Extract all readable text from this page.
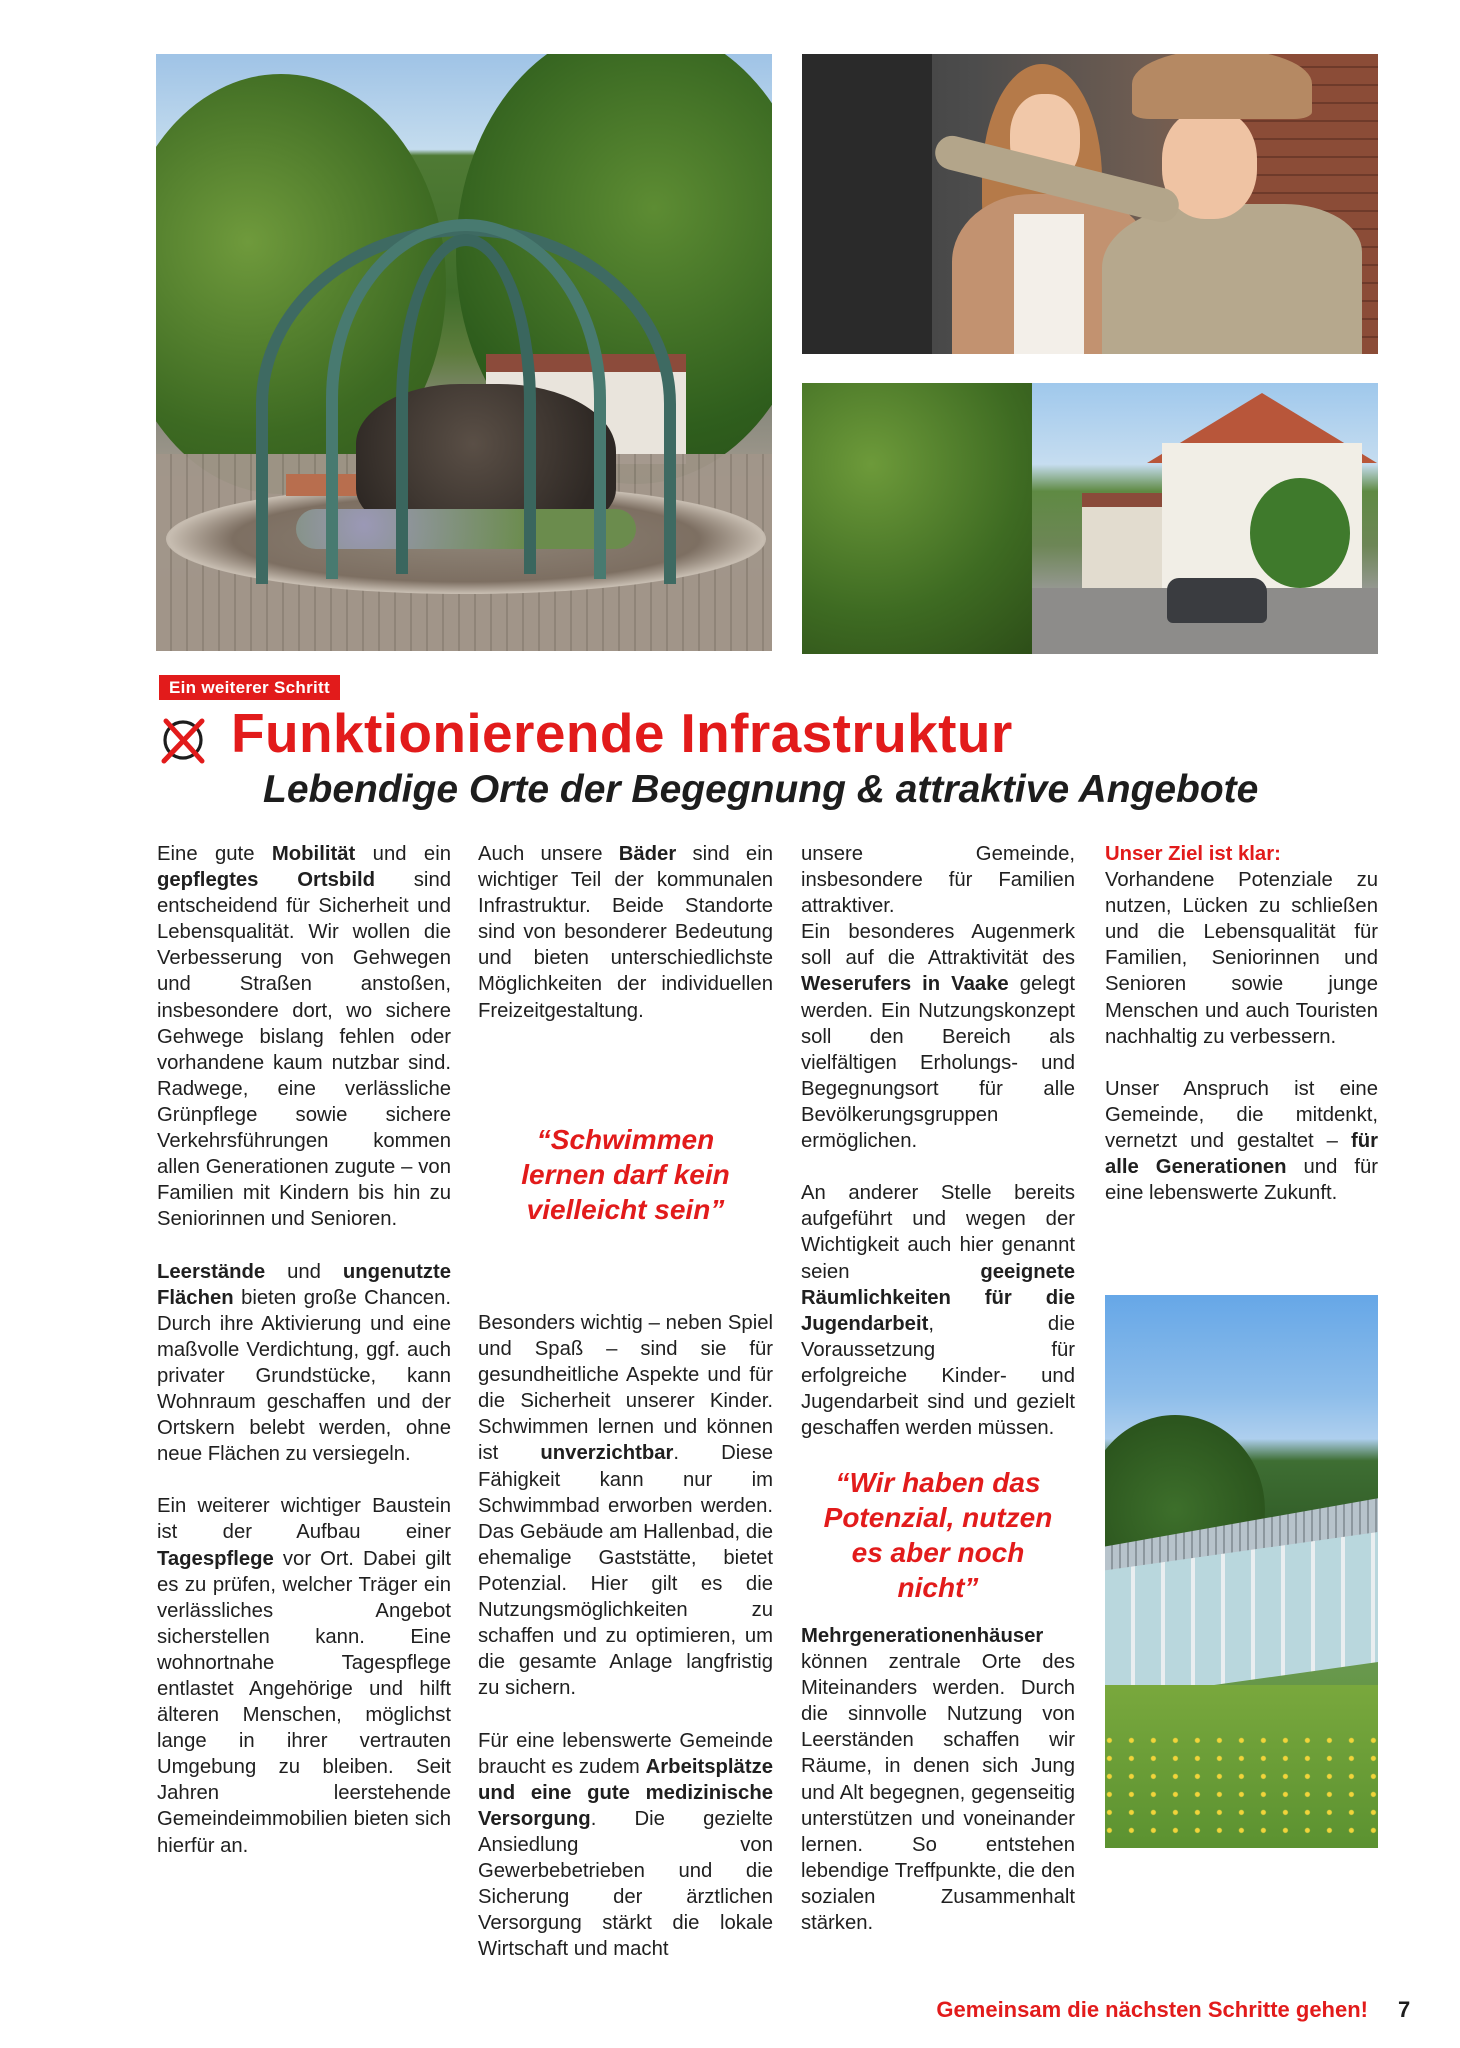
Ein weiterer Schritt
Funktionierende Infrastruktur
Lebendige Orte der Begegnung & attraktive Angebote

Eine gute Mobilität und ein gepflegtes Ortsbild sind entscheidend für Sicherheit und Lebensqualität. Wir wollen die Verbesserung von Gehwegen und Straßen anstoßen, insbesondere dort, wo sichere Gehwege bislang fehlen oder vorhandene kaum nutzbar sind. Radwege, eine verlässliche Grünpflege sowie sichere Verkehrsführungen kommen allen Generationen zugute – von Familien mit Kindern bis hin zu Seniorinnen und Senioren.

Leerstände und ungenutzte Flächen bieten große Chancen. Durch ihre Aktivierung und eine maßvolle Verdichtung, ggf. auch privater Grundstücke, kann Wohnraum geschaffen und der Ortskern belebt werden, ohne neue Flächen zu versiegeln.

Ein weiterer wichtiger Baustein ist der Aufbau einer Tagespflege vor Ort. Dabei gilt es zu prüfen, welcher Träger ein verlässliches Angebot sicherstellen kann. Eine wohnortnahe Tagespflege entlastet Angehörige und hilft älteren Menschen, möglichst lange in ihrer vertrauten Umgebung zu bleiben. Seit Jahren leerstehende Gemeindeimmobilien bieten sich hierfür an.

Auch unsere Bäder sind ein wichtiger Teil der kommunalen Infrastruktur. Beide Standorte sind von besonderer Bedeutung und bieten unterschiedlichste Möglichkeiten der individuellen Freizeitgestaltung.

“Schwimmen
lernen darf kein
vielleicht sein”

Besonders wichtig – neben Spiel und Spaß – sind sie für gesundheitliche Aspekte und für die Sicherheit unserer Kinder. Schwimmen lernen und können ist unverzichtbar. Diese Fähigkeit kann nur im Schwimmbad erworben werden. Das Gebäude am Hallenbad, die ehemalige Gaststätte, bietet Potenzial. Hier gilt es die Nutzungsmöglichkeiten zu schaffen und zu optimieren, um die gesamte Anlage langfristig zu sichern.

Für eine lebenswerte Gemeinde braucht es zudem Arbeitsplätze und eine gute medizinische Versorgung. Die gezielte Ansiedlung von Gewerbebetrieben und die Sicherung der ärztlichen Versorgung stärkt die lokale Wirtschaft und macht

unsere Gemeinde, insbesondere für Familien attraktiver.

Ein besonderes Augenmerk soll auf die Attraktivität des Weserufers in Vaake gelegt werden. Ein Nutzungskonzept soll den Bereich als vielfältigen Erholungs- und Begegnungsort für alle Bevölkerungsgruppen ermöglichen.

An anderer Stelle bereits aufgeführt und wegen der Wichtigkeit auch hier genannt seien geeignete Räumlichkeiten für die Jugendarbeit, die Voraussetzung für erfolgreiche Kinder- und Jugendarbeit sind und gezielt geschaffen werden müssen.

“Wir haben das
Potenzial, nutzen
es aber noch
nicht”

Mehrgenerationenhäuser können zentrale Orte des Miteinanders werden. Durch die sinnvolle Nutzung von Leerständen schaffen wir Räume, in denen sich Jung und Alt begegnen, gegenseitig unterstützen und voneinander lernen. So entstehen lebendige Treffpunkte, die den sozialen Zusammenhalt stärken.

Unser Ziel ist klar:

Vorhandene Potenziale zu nutzen, Lücken zu schließen und die Lebensqualität für Familien, Seniorinnen und Senioren sowie junge Menschen und auch Touristen nachhaltig zu verbessern.

Unser Anspruch ist eine Gemeinde, die mitdenkt, vernetzt und gestaltet – für alle Generationen und für eine lebenswerte Zukunft.

Gemeinsam die nächsten Schritte gehen! 7
